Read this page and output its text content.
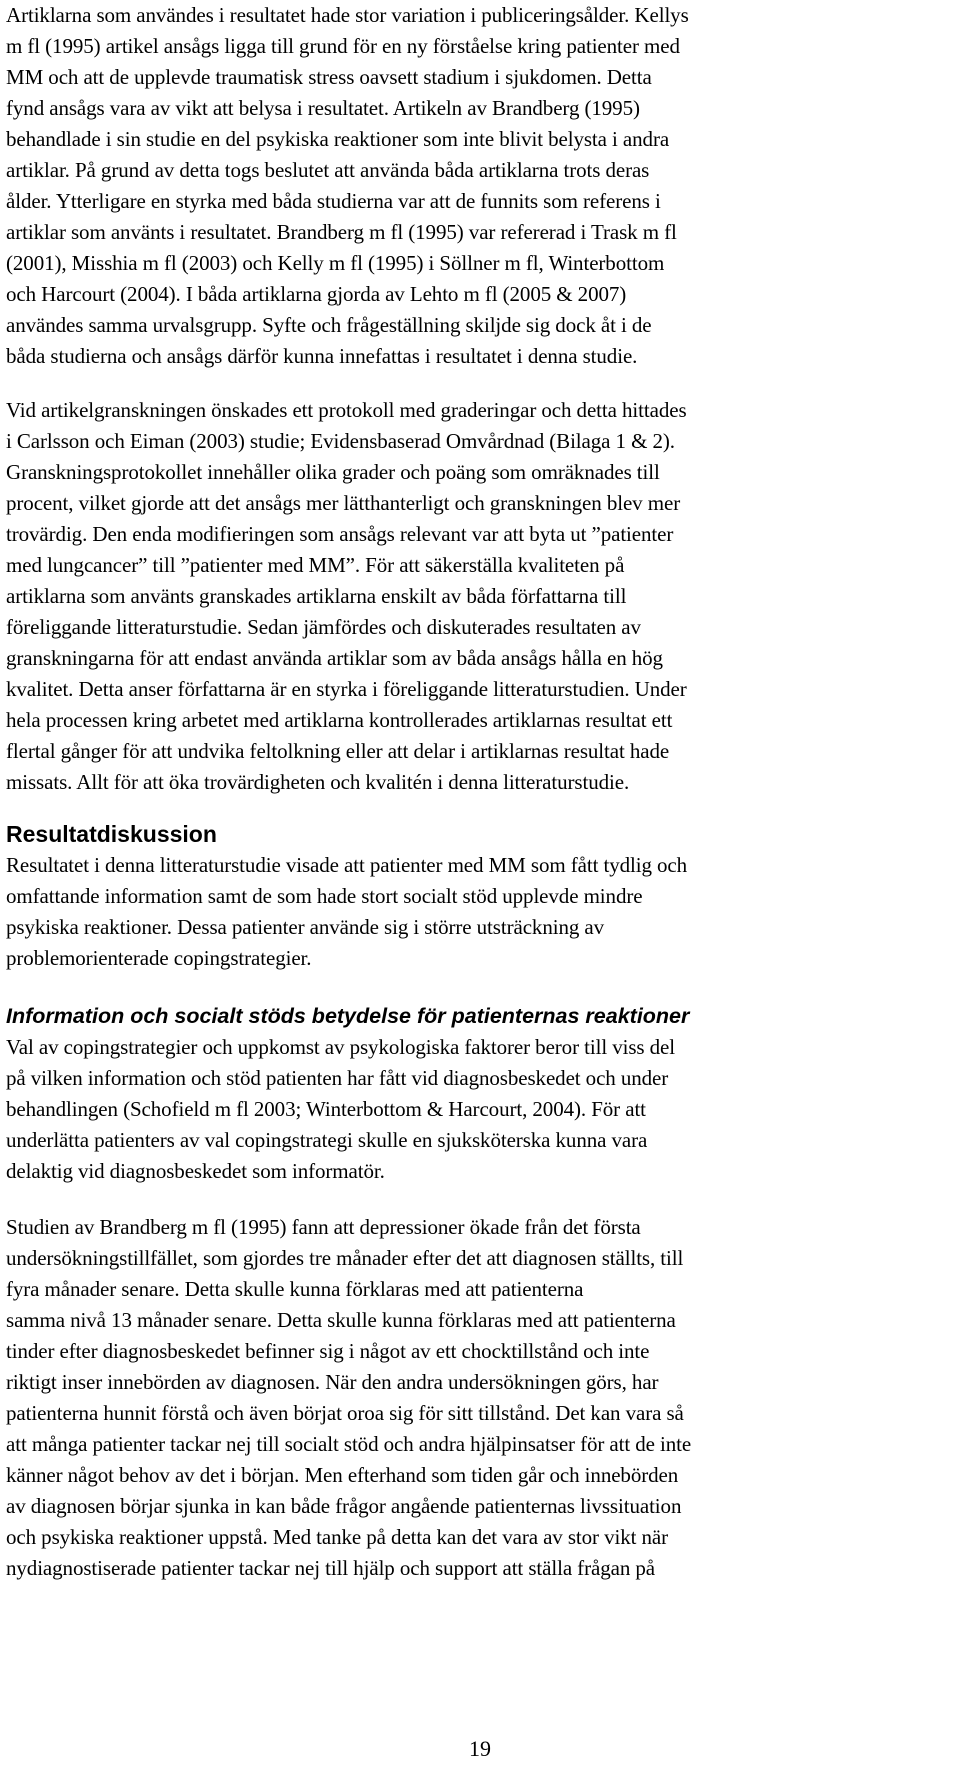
Artiklarna som användes i resultatet hade stor variation i publiceringsålder. Kellys
m fl (1995) artikel ansågs ligga till grund för en ny förståelse kring patienter med
MM och att de upplevde traumatisk stress oavsett stadium i sjukdomen. Detta
fynd ansågs vara av vikt att belysa i resultatet. Artikeln av Brandberg (1995)
behandlade i sin studie en del psykiska reaktioner som inte blivit belysta i andra
artiklar. På grund av detta togs beslutet att använda båda artiklarna trots deras
ålder. Ytterligare en styrka med båda studierna var att de funnits som referens i
artiklar som använts i resultatet. Brandberg m fl (1995) var refererad i Trask m fl
(2001), Misshia m fl (2003) och Kelly m fl (1995) i Söllner m fl, Winterbottom
och Harcourt (2004). I båda artiklarna gjorda av Lehto m fl (2005 & 2007)
användes samma urvalsgrupp. Syfte och frågeställning skiljde sig dock åt i de
båda studierna och ansågs därför kunna innefattas i resultatet i denna studie.
Vid artikelgranskningen önskades ett protokoll med graderingar och detta hittades
i Carlsson och Eiman (2003) studie; Evidensbaserad Omvårdnad (Bilaga 1 & 2).
Granskningsprotokollet innehåller olika grader och poäng som omräknades till
procent, vilket gjorde att det ansågs mer lätthanterligt och granskningen blev mer
trovärdig. Den enda modifieringen som ansågs relevant var att byta ut ”patienter
med lungcancer” till ”patienter med MM”. För att säkerställa kvaliteten på
artiklarna som använts granskades artiklarna enskilt av båda författarna till
föreliggande litteraturstudie. Sedan jämfördes och diskuterades resultaten av
granskningarna för att endast använda artiklar som av båda ansågs hålla en hög
kvalitet. Detta anser författarna är en styrka i föreliggande litteraturstudien. Under
hela processen kring arbetet med artiklarna kontrollerades artiklarnas resultat ett
flertal gånger för att undvika feltolkning eller att delar i artiklarnas resultat hade
missats. Allt för att öka trovärdigheten och kvalitén i denna litteraturstudie.
Resultatdiskussion
Resultatet i denna litteraturstudie visade att patienter med MM som fått tydlig och
omfattande information samt de som hade stort socialt stöd upplevde mindre
psykiska reaktioner. Dessa patienter använde sig i större utsträckning av
problemorienterade copingstrategier.
Information och socialt stöds betydelse för patienternas reaktioner
Val av copingstrategier och uppkomst av psykologiska faktorer beror till viss del
på vilken information och stöd patienten har fått vid diagnosbeskedet och under
behandlingen (Schofield m fl 2003; Winterbottom & Harcourt, 2004). För att
underlätta patienters av val copingstrategi skulle en sjuksköterska kunna vara
delaktig vid diagnosbeskedet som informatör.
Studien av Brandberg m fl (1995) fann att depressioner ökade från det första
undersökningstillfället, som gjordes tre månader efter det att diagnosen ställts, till
fyra månader senare. Detta skulle kunna förklaras med att patienterna
samma nivå 13 månader senare. Detta skulle kunna förklaras med att patienterna
tinder efter diagnosbeskedet befinner sig i något av ett chocktillstånd och inte
riktigt inser innebörden av diagnosen. När den andra undersökningen görs, har
patienterna hunnit förstå och även börjat oroa sig för sitt tillstånd. Det kan vara så
att många patienter tackar nej till socialt stöd och andra hjälpinsatser för att de inte
känner något behov av det i början. Men efterhand som tiden går och innebörden
av diagnosen börjar sjunka in kan både frågor angående patienternas livssituation
och psykiska reaktioner uppstå. Med tanke på detta kan det vara av stor vikt när
nydiagnostiserade patienter tackar nej till hjälp och support att ställa frågan på
19
